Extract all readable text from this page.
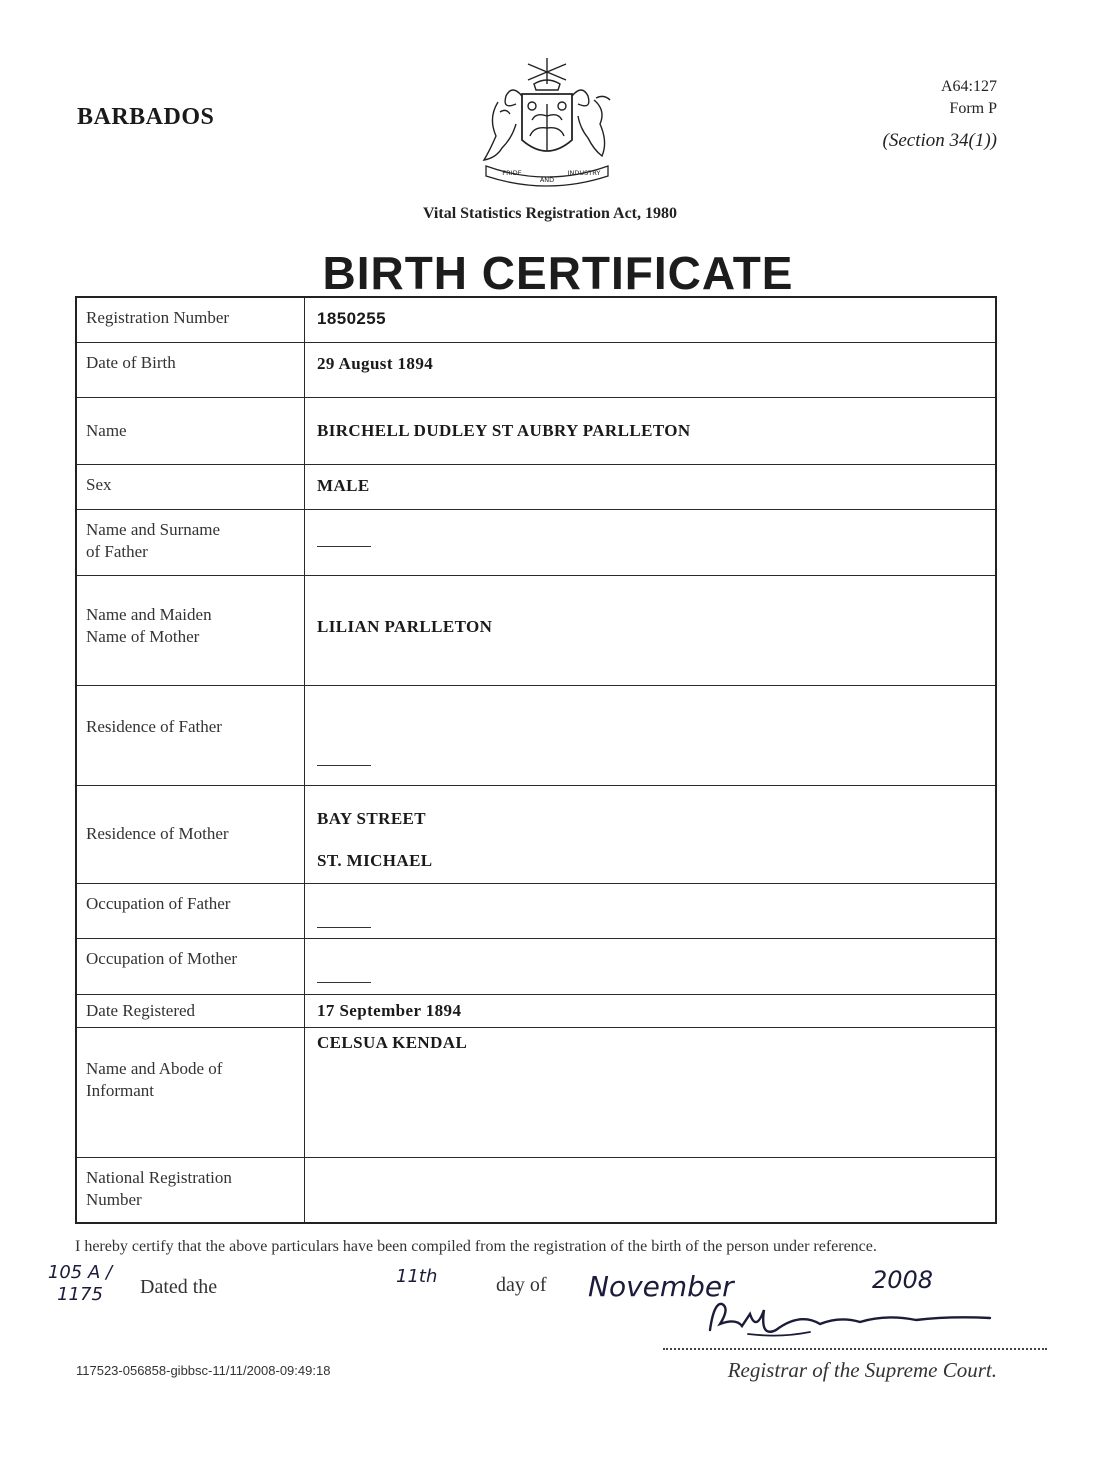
BARBADOS
A64:127
Form P
(Section 34(1))
PRIDE
AND
INDUSTRY
Vital Statistics Registration Act, 1980
BIRTH CERTIFICATE
Registration Number	1850255
Date of Birth	29 August 1894
Name	BIRCHELL DUDLEY ST AUBRY PARLLETON
Sex	MALE

Name and Surname
of Father	

Name and Maiden
Name of Mother	LILIAN PARLLETON
Residence of Father	
Residence of Mother	BAY STREET
ST. MICHAEL

Occupation of Father	
Occupation of Mother	
Date Registered	17 September 1894

Name and Abode of
Informant	CELSUA KENDAL

National Registration
Number	

I hereby certify that the above particulars have been compiled from the registration of the birth of the person under reference.
105 A / 1175	Dated the	11th	day of November	2008
Registrar of the Supreme Court.
117523-056858-gibbsc-11/11/2008-09:49:18
